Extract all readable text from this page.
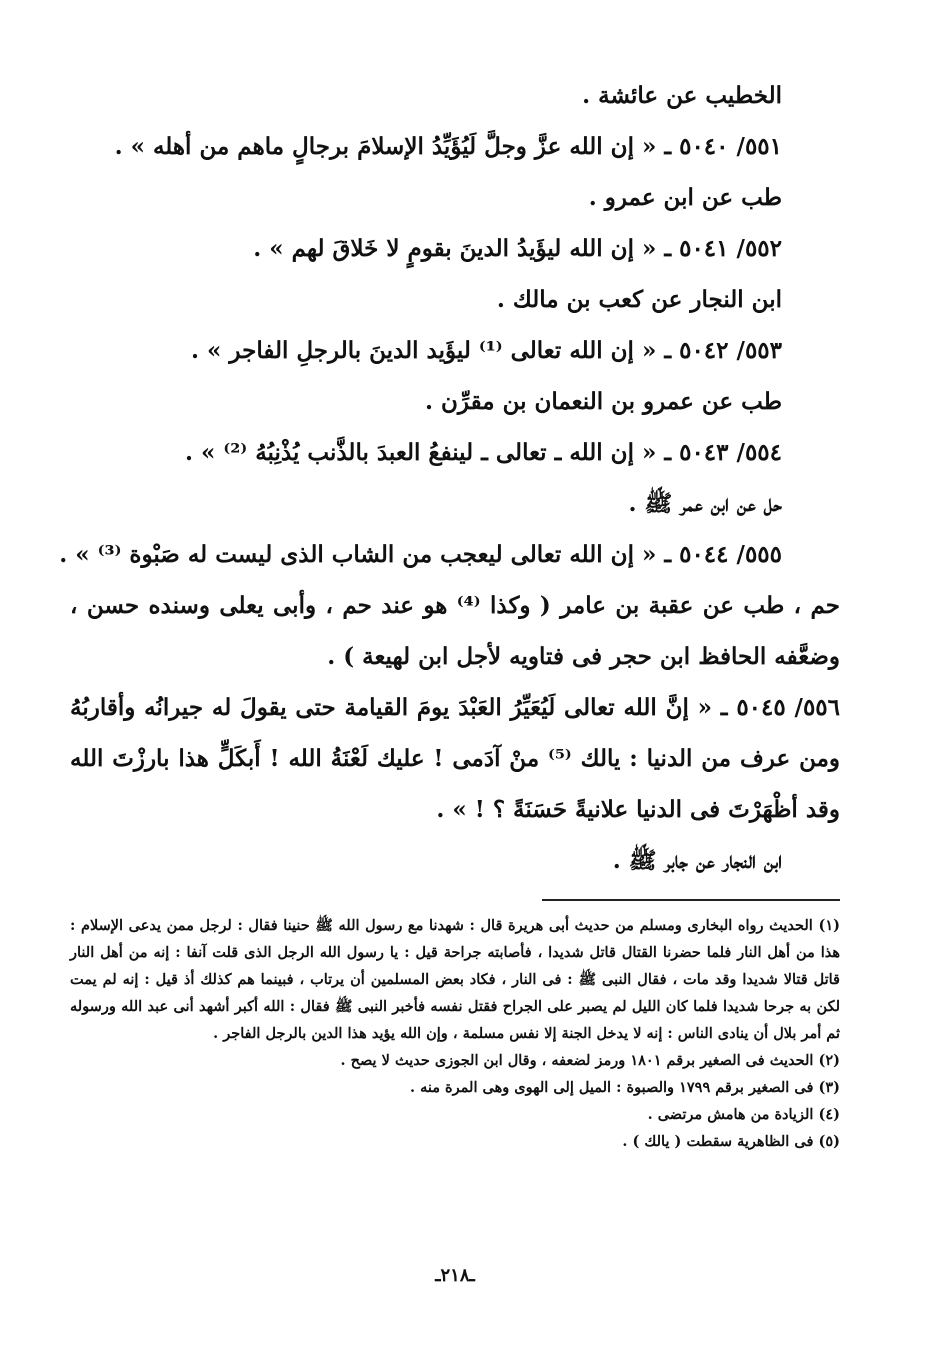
الخطيب عن عائشة .
٥٥١/ ٥٠٤٠ ـ « إن الله عزَّ وجلَّ لَيُؤَيِّدُ الإسلامَ برجالٍ ماهم من أهله » .
طب عن ابن عمرو .
٥٥٢/ ٥٠٤١ ـ « إن الله ليؤَيدُ الدينَ بقومٍ لا خَلاقَ لهم » .
ابن النجار عن كعب بن مالك .
٥٥٣/ ٥٠٤٢ ـ « إن الله تعالى ⁽¹⁾ ليؤَيد الدينَ بالرجلِ الفاجر » .
طب عن عمرو بن النعمان بن مقرِّن .
٥٥٤/ ٥٠٤٣ ـ « إن الله ـ تعالى ـ لينفعُ العبدَ بالذَّنب يُذْنِبُهُ ⁽²⁾ » .
حل عن ابن عمر ﷺ .
٥٥٥/ ٥٠٤٤ ـ « إن الله تعالى ليعجب من الشاب الذى ليست له صَبْوة ⁽³⁾ » .
حم ، طب عن عقبة بن عامر ( وكذا ⁽⁴⁾ هو عند حم ، وأبى يعلى وسنده حسن ، وضعَّفه الحافظ ابن حجر فى فتاويه لأجل ابن لهيعة ) .
٥٥٦/ ٥٠٤٥ ـ « إنَّ الله تعالى لَيُعَيِّرُ العَبْدَ يومَ القيامة حتى يقولَ له جيرانُه وأقاربُهُ ومن عرف من الدنيا : يالك ⁽⁵⁾ منْ آدَمى ! عليك لَعْنَةُ الله ! أَبكَلٍّ هذا بارزْتَ الله وقد أظْهَرْتَ فى الدنيا علانيةً حَسَنَةً ؟ ! » .
ابن النجار عن جابر ﷺ .
(١) الحديث رواه البخارى ومسلم من حديث أبى هريرة قال : شهدنا مع رسول الله ﷺ حنينا فقال : لرجل ممن يدعى الإسلام : هذا من أهل النار فلما حضرنا القتال قاتل شديدا ، فأصابته جراحة قيل : يا رسول الله الرجل الذى قلت آنفا : إنه من أهل النار قاتل قتالا شديدا وقد مات ، فقال النبى ﷺ : فى النار ، فكاد بعض المسلمين أن يرتاب ، فبينما هم كذلك أذ قيل : إنه لم يمت لكن به جرحا شديدا فلما كان الليل لم يصبر على الجراح فقتل نفسه فأخبر النبى ﷺ فقال : الله أكبر أشهد أنى عبد الله ورسوله ثم أمر بلال أن ينادى الناس : إنه لا يدخل الجنة إلا نفس مسلمة ، وإن الله يؤيد هذا الدين بالرجل الفاجر .
(٢) الحديث فى الصغير برقم ١٨٠١ ورمز لضعفه ، وقال ابن الجوزى حديث لا يصح .
(٣) فى الصغير برقم ١٧٩٩ والصبوة : الميل إلى الهوى وهى المرة منه .
(٤) الزيادة من هامش مرتضى .
(٥) فى الظاهرية سقطت ( يالك ) .
ـ٢١٨ـ
